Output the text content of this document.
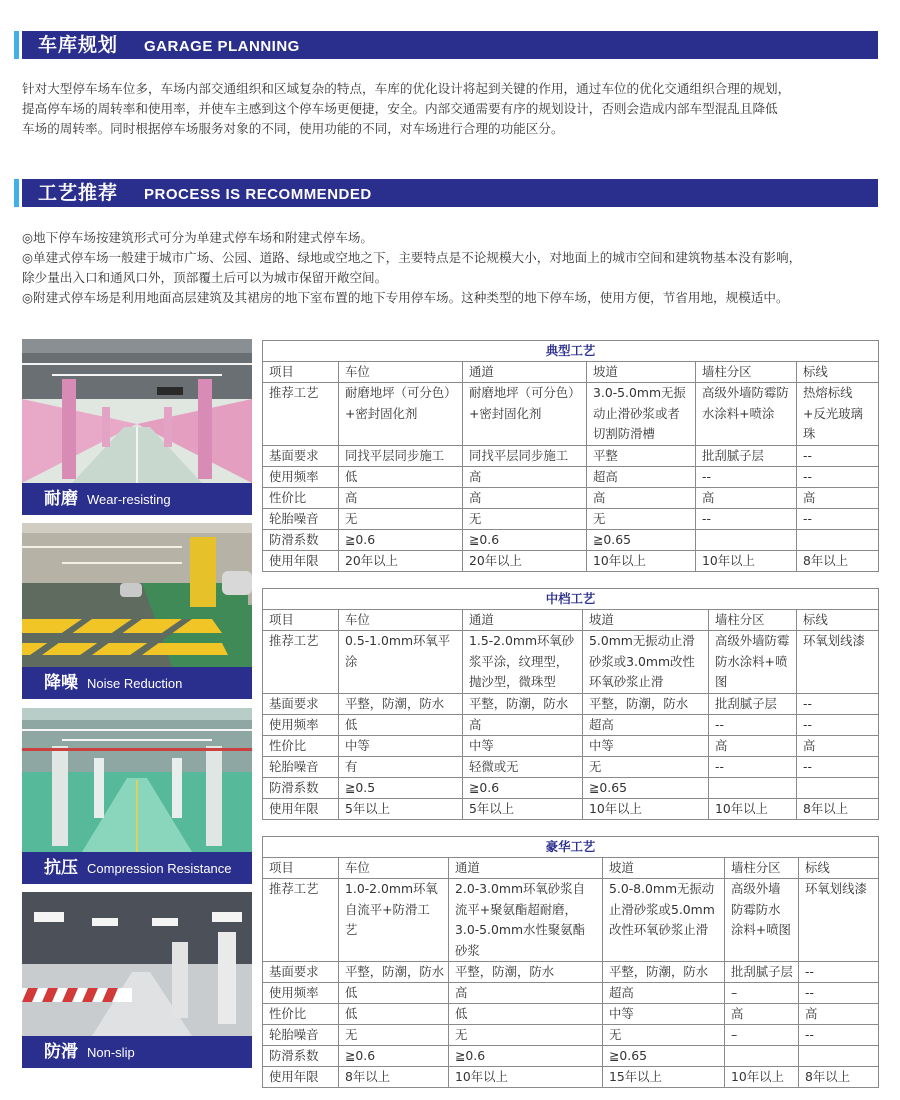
车库规划 GARAGE PLANNING

针对大型停车场车位多，车场内部交通组织和区域复杂的特点，车库的优化设计将起到关键的作用，通过车位的优化交通组织合理的规划，

提高停车场的周转率和使用率，并使车主感到这个停车场更便捷，安全。内部交通需要有序的规划设计，否则会造成内部车型混乱且降低

车场的周转率。同时根据停车场服务对象的不同，使用功能的不同，对车场进行合理的功能区分。

工艺推荐 PROCESS IS RECOMMENDED

◎地下停车场按建筑形式可分为单建式停车场和附建式停车场。

◎单建式停车场一般建于城市广场、公园、道路、绿地或空地之下，主要特点是不论规模大小，对地面上的城市空间和建筑物基本没有影响，

除少量出入口和通风口外，顶部覆土后可以为城市保留开敞空间。

◎附建式停车场是利用地面高层建筑及其裙房的地下室布置的地下专用停车场。这种类型的地下停车场，使用方便，节省用地，规模适中。

耐磨 Wear-resisting
降噪 Noise Reduction
抗压 Compression Resistance
防滑 Non-slip
典型工艺					
项目	车位	通道	坡道	墙柱分区	标线
推荐工艺	耐磨地坪（可分色）+密封固化剂	耐磨地坪（可分色）+密封固化剂	3.0-5.0mm无振动止滑砂浆或者切割防滑槽	高级外墙防霉防水涂料+喷涂	热熔标线+反光玻璃珠
基面要求	同找平层同步施工	同找平层同步施工	平整	批刮腻子层	--
使用频率	低	高	超高	--	--
性价比	高	高	高	高	高
轮胎噪音	无	无	无	--	--
防滑系数	≧0.6	≧0.6	≧0.65		
使用年限	20年以上	20年以上	10年以上	10年以上	8年以上
中档工艺					
项目	车位	通道	坡道	墙柱分区	标线
推荐工艺	0.5-1.0mm环氧平涂	1.5-2.0mm环氧砂浆平涂，纹理型，抛沙型，微珠型	5.0mm无振动止滑砂浆或3.0mm改性环氧砂浆止滑	高级外墙防霉防水涂料+喷图	环氧划线漆
基面要求	平整，防潮，防水	平整，防潮，防水	平整，防潮，防水	批刮腻子层	--
使用频率	低	高	超高	--	--
性价比	中等	中等	中等	高	高
轮胎噪音	有	轻微或无	无	--	--
防滑系数	≧0.5	≧0.6	≧0.65		
使用年限	5年以上	5年以上	10年以上	10年以上	8年以上
豪华工艺					
项目	车位	通道	坡道	墙柱分区	标线
推荐工艺	1.0-2.0mm环氧自流平+防滑工艺	2.0-3.0mm环氧砂浆自流平+聚氨酯超耐磨，3.0-5.0mm水性聚氨酯砂浆	5.0-8.0mm无振动止滑砂浆或5.0mm改性环氧砂浆止滑	高级外墙防霉防水涂料+喷图	环氧划线漆
基面要求	平整，防潮，防水	平整，防潮，防水	平整，防潮，防水	批刮腻子层	--
使用频率	低	高	超高	–	--
性价比	低	低	中等	高	高
轮胎噪音	无	无	无	–	--
防滑系数	≧0.6	≧0.6	≧0.65		
使用年限	8年以上	10年以上	15年以上	10年以上	8年以上
